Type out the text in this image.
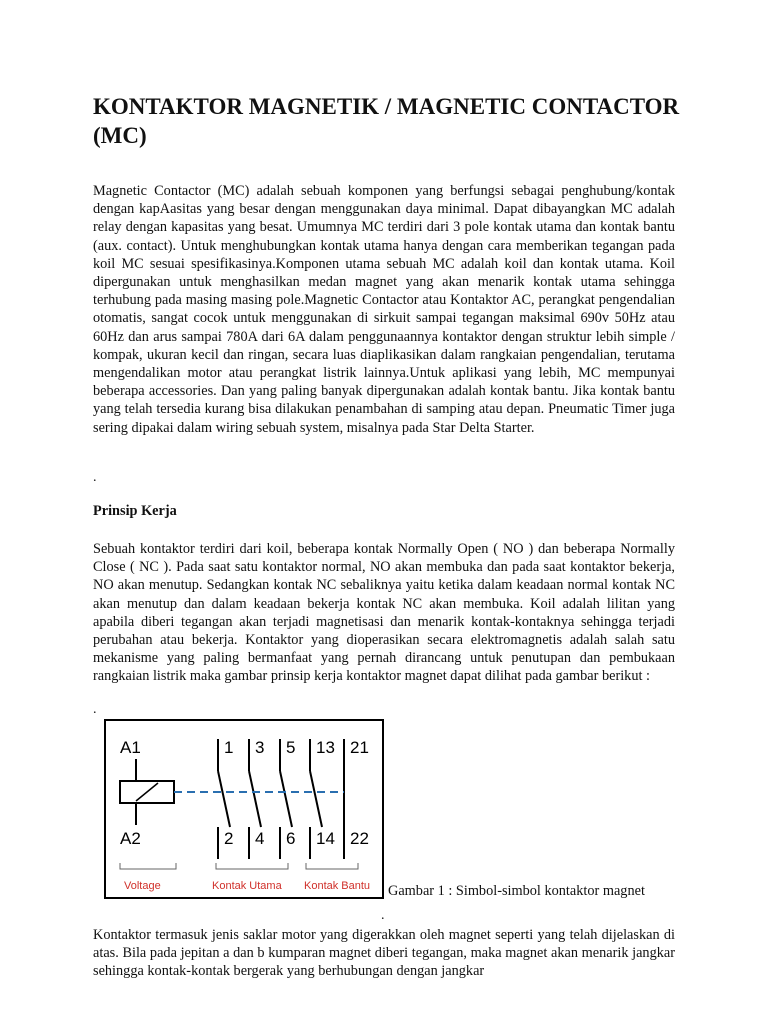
KONTAKTOR MAGNETIK / MAGNETIC CONTACTOR (MC)

Magnetic Contactor (MC) adalah sebuah komponen yang berfungsi sebagai penghubung/kontak dengan kapAasitas yang besar dengan menggunakan daya minimal. Dapat dibayangkan MC adalah relay dengan kapasitas yang besat. Umumnya MC terdiri dari 3 pole kontak utama dan kontak bantu (aux. contact). Untuk menghubungkan kontak utama hanya dengan cara memberikan tegangan pada koil MC sesuai spesifikasinya.Komponen utama sebuah MC adalah koil dan kontak utama. Koil dipergunakan untuk menghasilkan medan magnet yang akan menarik kontak utama sehingga terhubung pada masing masing pole.Magnetic Contactor atau Kontaktor AC, perangkat pengendalian otomatis, sangat cocok untuk menggunakan di sirkuit sampai tegangan maksimal 690v 50Hz atau 60Hz dan arus sampai 780A dari 6A dalam penggunaannya kontaktor dengan struktur lebih simple / kompak, ukuran kecil dan ringan, secara luas diaplikasikan dalam rangkaian pengendalian, terutama mengendalikan motor atau perangkat listrik lainnya.Untuk aplikasi yang lebih, MC mempunyai beberapa accessories. Dan yang paling banyak dipergunakan adalah kontak bantu. Jika kontak bantu yang telah tersedia kurang bisa dilakukan penambahan di samping atau depan. Pneumatic Timer juga sering dipakai dalam wiring sebuah system, misalnya pada Star Delta Starter.

.
Prinsip Kerja

Sebuah kontaktor terdiri dari koil, beberapa kontak Normally Open ( NO ) dan beberapa Normally Close ( NC ). Pada saat satu kontaktor normal, NO akan membuka dan pada saat kontaktor bekerja, NO akan menutup. Sedangkan kontak NC sebaliknya yaitu ketika dalam keadaan normal kontak NC akan menutup dan dalam keadaan bekerja kontak NC akan membuka. Koil adalah lilitan yang apabila diberi tegangan akan terjadi magnetisasi dan menarik kontak-kontaknya sehingga terjadi perubahan atau bekerja. Kontaktor yang dioperasikan secara elektromagnetis adalah salah satu mekanisme yang paling bermanfaat yang pernah dirancang untuk penutupan dan pembukaan rangkaian listrik maka gambar prinsip kerja kontaktor magnet dapat dilihat pada gambar berikut :

.
A1
A2
1 3 5 13 21
2 4 6 14 22
Voltage	Kontak Utama Kontak Bantu Gambar 1 : Simbol-simbol kontaktor magnet
.

Kontaktor termasuk jenis saklar motor yang digerakkan oleh magnet seperti yang telah dijelaskan di atas. Bila pada jepitan a dan b kumparan magnet diberi tegangan, maka magnet akan menarik jangkar sehingga kontak-kontak bergerak yang berhubungan dengan jangkar
